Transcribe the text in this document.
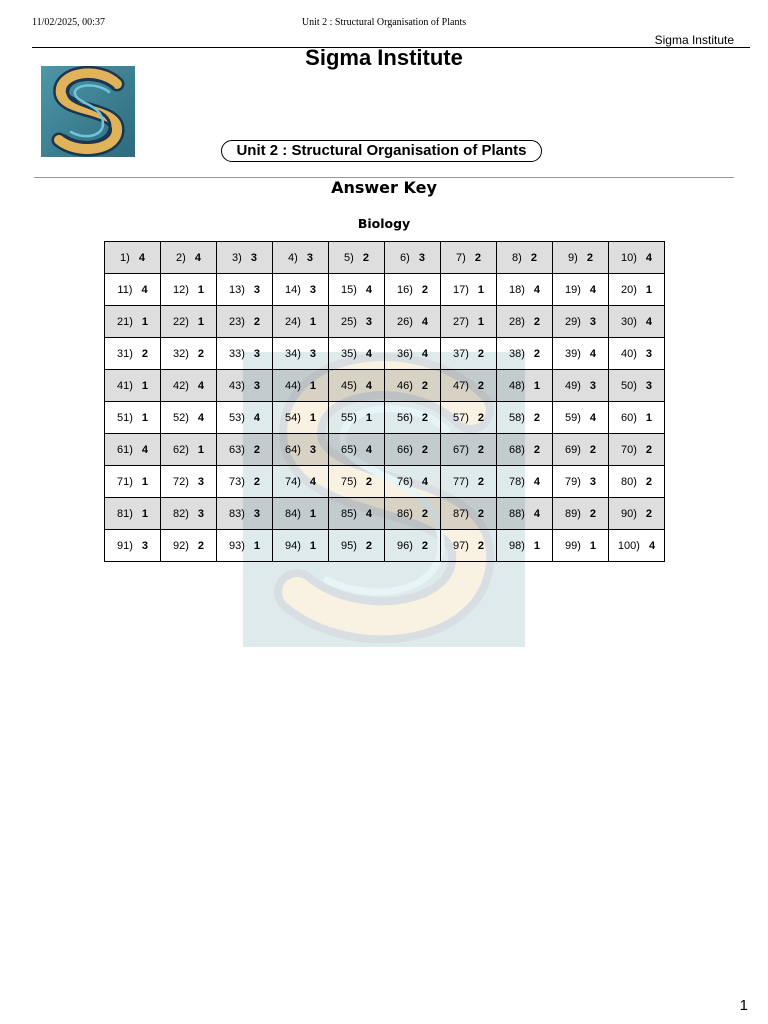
11/02/2025, 00:37	Unit 2 : Structural Organisation of Plants
Sigma Institute
Sigma Institute
Unit 2 : Structural Organisation of Plants
Answer Key
Biology
1) 4	2) 4	3) 3	4) 3	5) 2	6) 3	7) 2	8) 2	9) 2	10) 4
11) 4	12) 1	13) 3	14) 3	15) 4	16) 2	17) 1	18) 4	19) 4	20) 1
21) 1	22) 1	23) 2	24) 1	25) 3	26) 4	27) 1	28) 2	29) 3	30) 4
31) 2	32) 2	33) 3	34) 3	35) 4	36) 4	37) 2	38) 2	39) 4	40) 3
41) 1	42) 4	43) 3	44) 1	45) 4	46) 2	47) 2	48) 1	49) 3	50) 3
51) 1	52) 4	53) 4	54) 1	55) 1	56) 2	57) 2	58) 2	59) 4	60) 1
61) 4	62) 1	63) 2	64) 3	65) 4	66) 2	67) 2	68) 2	69) 2	70) 2
71) 1	72) 3	73) 2	74) 4	75) 2	76) 4	77) 2	78) 4	79) 3	80) 2
81) 1	82) 3	83) 3	84) 1	85) 4	86) 2	87) 2	88) 4	89) 2	90) 2
91) 3	92) 2	93) 1	94) 1	95) 2	96) 2	97) 2	98) 1	99) 1	100) 4
1
